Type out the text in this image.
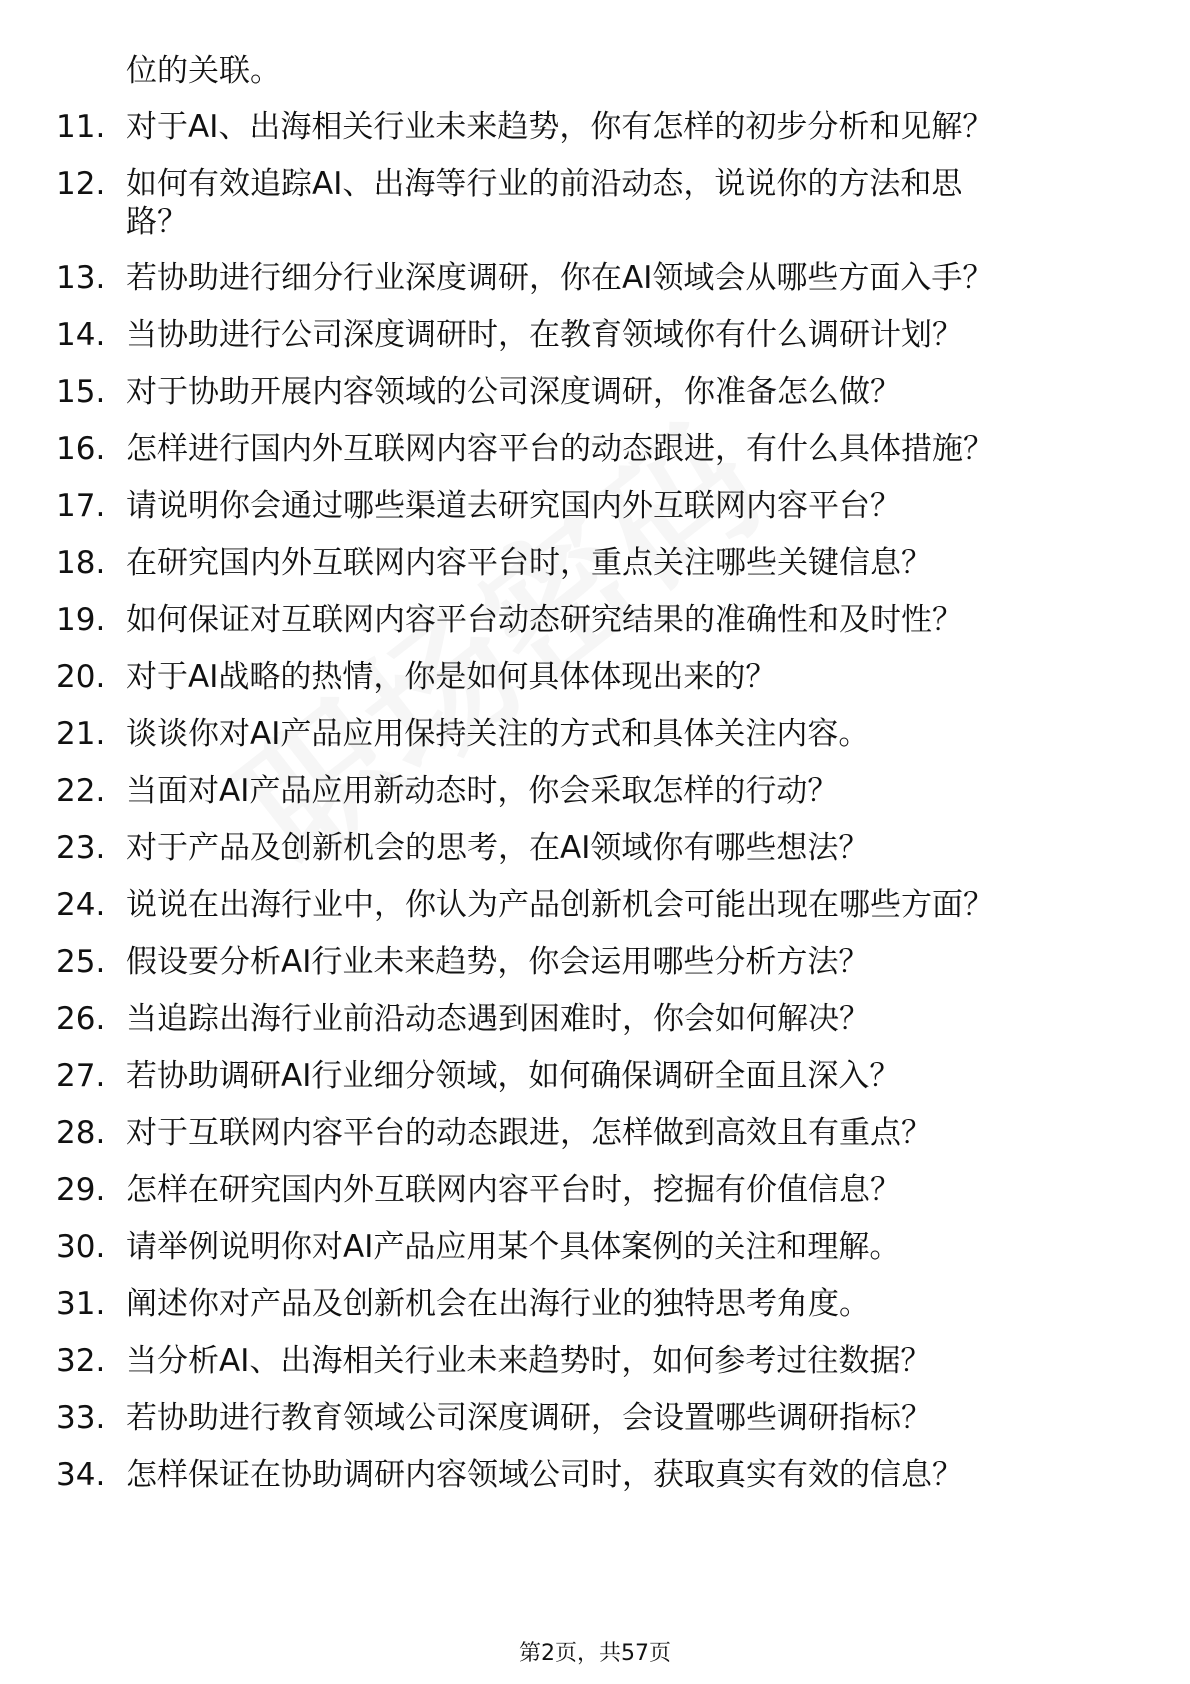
位的关联。
11. 对于AI、出海相关行业未来趋势，你有怎样的初步分析和见解？
12. 如何有效追踪AI、出海等行业的前沿动态，说说你的方法和思路？
13. 若协助进行细分行业深度调研，你在AI领域会从哪些方面入手？
14. 当协助进行公司深度调研时，在教育领域你有什么调研计划？
15. 对于协助开展内容领域的公司深度调研，你准备怎么做？
16. 怎样进行国内外互联网内容平台的动态跟进，有什么具体措施？
17. 请说明你会通过哪些渠道去研究国内外互联网内容平台？
18. 在研究国内外互联网内容平台时，重点关注哪些关键信息？
19. 如何保证对互联网内容平台动态研究结果的准确性和及时性？
20. 对于AI战略的热情，你是如何具体体现出来的？
21. 谈谈你对AI产品应用保持关注的方式和具体关注内容。
22. 当面对AI产品应用新动态时，你会采取怎样的行动？
23. 对于产品及创新机会的思考，在AI领域你有哪些想法？
24. 说说在出海行业中，你认为产品创新机会可能出现在哪些方面？
25. 假设要分析AI行业未来趋势，你会运用哪些分析方法？
26. 当追踪出海行业前沿动态遇到困难时，你会如何解决？
27. 若协助调研AI行业细分领域，如何确保调研全面且深入？
28. 对于互联网内容平台的动态跟进，怎样做到高效且有重点？
29. 怎样在研究国内外互联网内容平台时，挖掘有价值信息？
30. 请举例说明你对AI产品应用某个具体案例的关注和理解。
31. 阐述你对产品及创新机会在出海行业的独特思考角度。
32. 当分析AI、出海相关行业未来趋势时，如何参考过往数据？
33. 若协助进行教育领域公司深度调研，会设置哪些调研指标？
34. 怎样保证在协助调研内容领域公司时，获取真实有效的信息？
第2页，共57页
